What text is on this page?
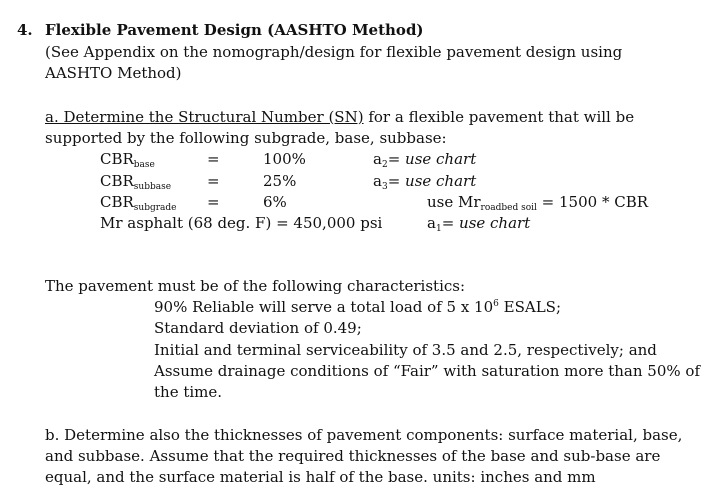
4. Flexible Pavement Design (AASHTO Method)
(See Appendix on the nomograph/design for flexible pavement design using
AASHTO Method)
a. Determine the Structural Number (SN) for a flexible pavement that will be
supported by the following subgrade, base, subbase:
$CBR_{base}$	=	100%	$a_2=$ use chart
$CBR_{subbase}$ =	25%	$a_3=$ use chart
$CBR_{subgrade}$ =	6%	use $Mr_{roadbed soil} = 1500$ * CBR
Mr asphalt (68 deg. F) = 450,000 psi	$a_1=$ use chart
The pavement must be of the following characteristics:
90% Reliable will serve a total load of 5 x $10^6$ ESALS;
Standard deviation of 0.49;
Initial and terminal serviceability of 3.5 and 2.5, respectively; and
Assume drainage conditions of “Fair” with saturation more than 50% of
the time.
b. Determine also the thicknesses of pavement components: surface material, base,
and subbase. Assume that the required thicknesses of the base and sub-base are
equal, and the surface material is half of the base. units: inches and mm
